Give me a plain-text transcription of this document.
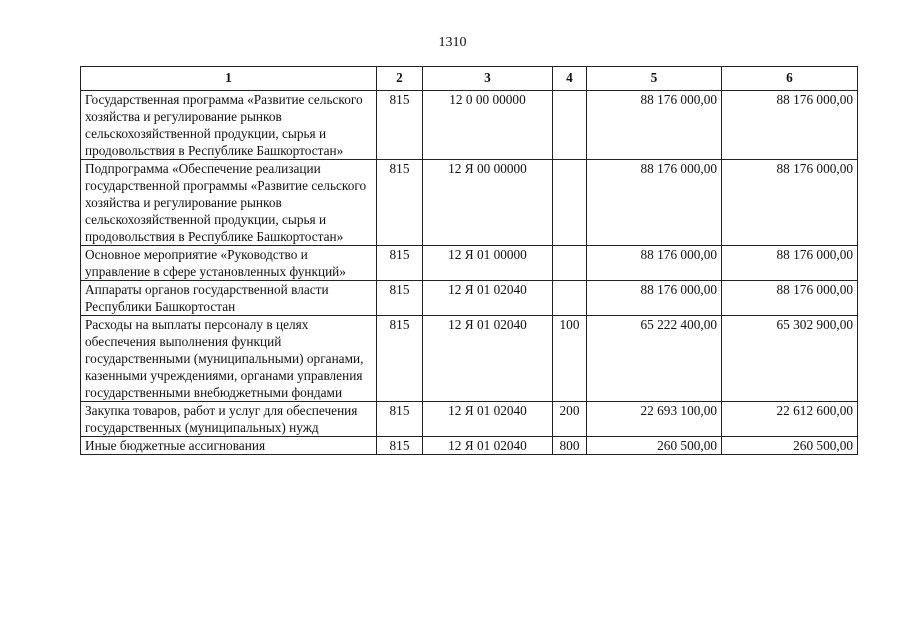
1310
1	2	3	4	5	6
Государственная программа «Развитие сельского хозяйства и регулирование рынков сельскохозяйственной продукции, сырья и продовольствия в Республике Башкортостан»	815	12 0 00 00000		88 176 000,00	88 176 000,00
Подпрограмма «Обеспечение реализации государственной программы «Развитие сельского хозяйства и регулирование рынков сельскохозяйственной продукции, сырья и продовольствия в Республике Башкортостан»	815	12 Я 00 00000		88 176 000,00	88 176 000,00
Основное мероприятие «Руководство и управление в сфере установленных функций»	815	12 Я 01 00000		88 176 000,00	88 176 000,00
Аппараты органов государственной власти Республики Башкортостан	815	12 Я 01 02040		88 176 000,00	88 176 000,00
Расходы на выплаты персоналу в целях обеспечения выполнения функций государственными (муниципальными) органами, казенными учреждениями, органами управления государственными внебюджетными фондами	815	12 Я 01 02040	100	65 222 400,00	65 302 900,00
Закупка товаров, работ и услуг для обеспечения государственных (муниципальных) нужд	815	12 Я 01 02040	200	22 693 100,00	22 612 600,00
Иные бюджетные ассигнования	815	12 Я 01 02040	800	260 500,00	260 500,00
